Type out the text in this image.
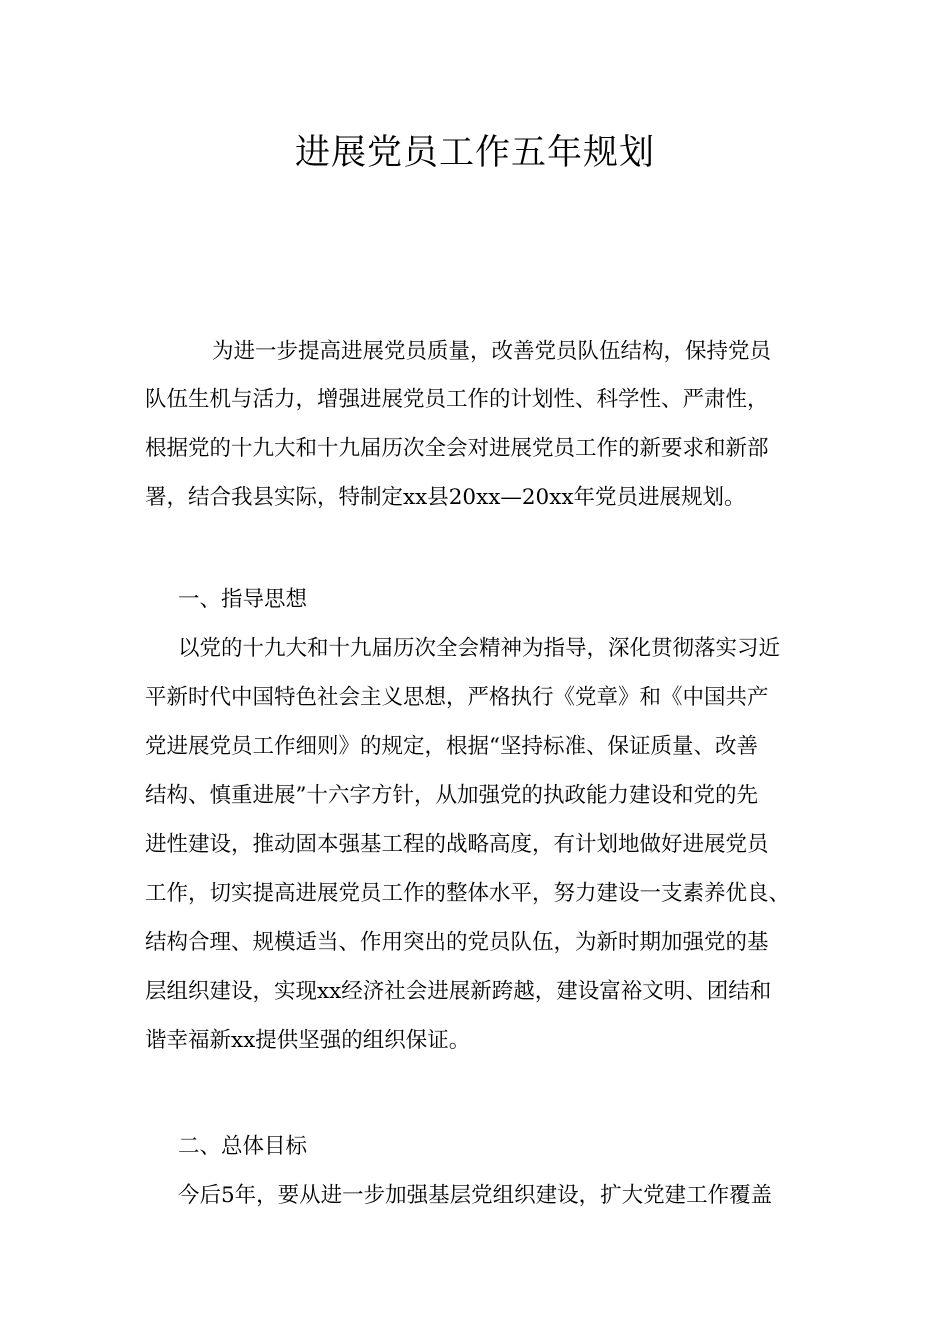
进展党员工作五年规划
为进一步提高进展党员质量，改善党员队伍结构，保持党员
队伍生机与活力，增强进展党员工作的计划性、科学性、严肃性，
根据党的十九大和十九届历次全会对进展党员工作的新要求和新部
署，结合我县实际，特制定xx县20xx—20xx年党员进展规划。
一、指导思想
以党的十九大和十九届历次全会精神为指导，深化贯彻落实习近
平新时代中国特色社会主义思想，严格执行《党章》和《中国共产
党进展党员工作细则》的规定，根据“坚持标准、保证质量、改善
结构、慎重进展”十六字方针，从加强党的执政能力建设和党的先
进性建设，推动固本强基工程的战略高度，有计划地做好进展党员
工作，切实提高进展党员工作的整体水平，努力建设一支素养优良、
结构合理、规模适当、作用突出的党员队伍，为新时期加强党的基
层组织建设，实现xx经济社会进展新跨越，建设富裕文明、团结和
谐幸福新xx提供坚强的组织保证。
二、总体目标
今后5年，要从进一步加强基层党组织建设，扩大党建工作覆盖
